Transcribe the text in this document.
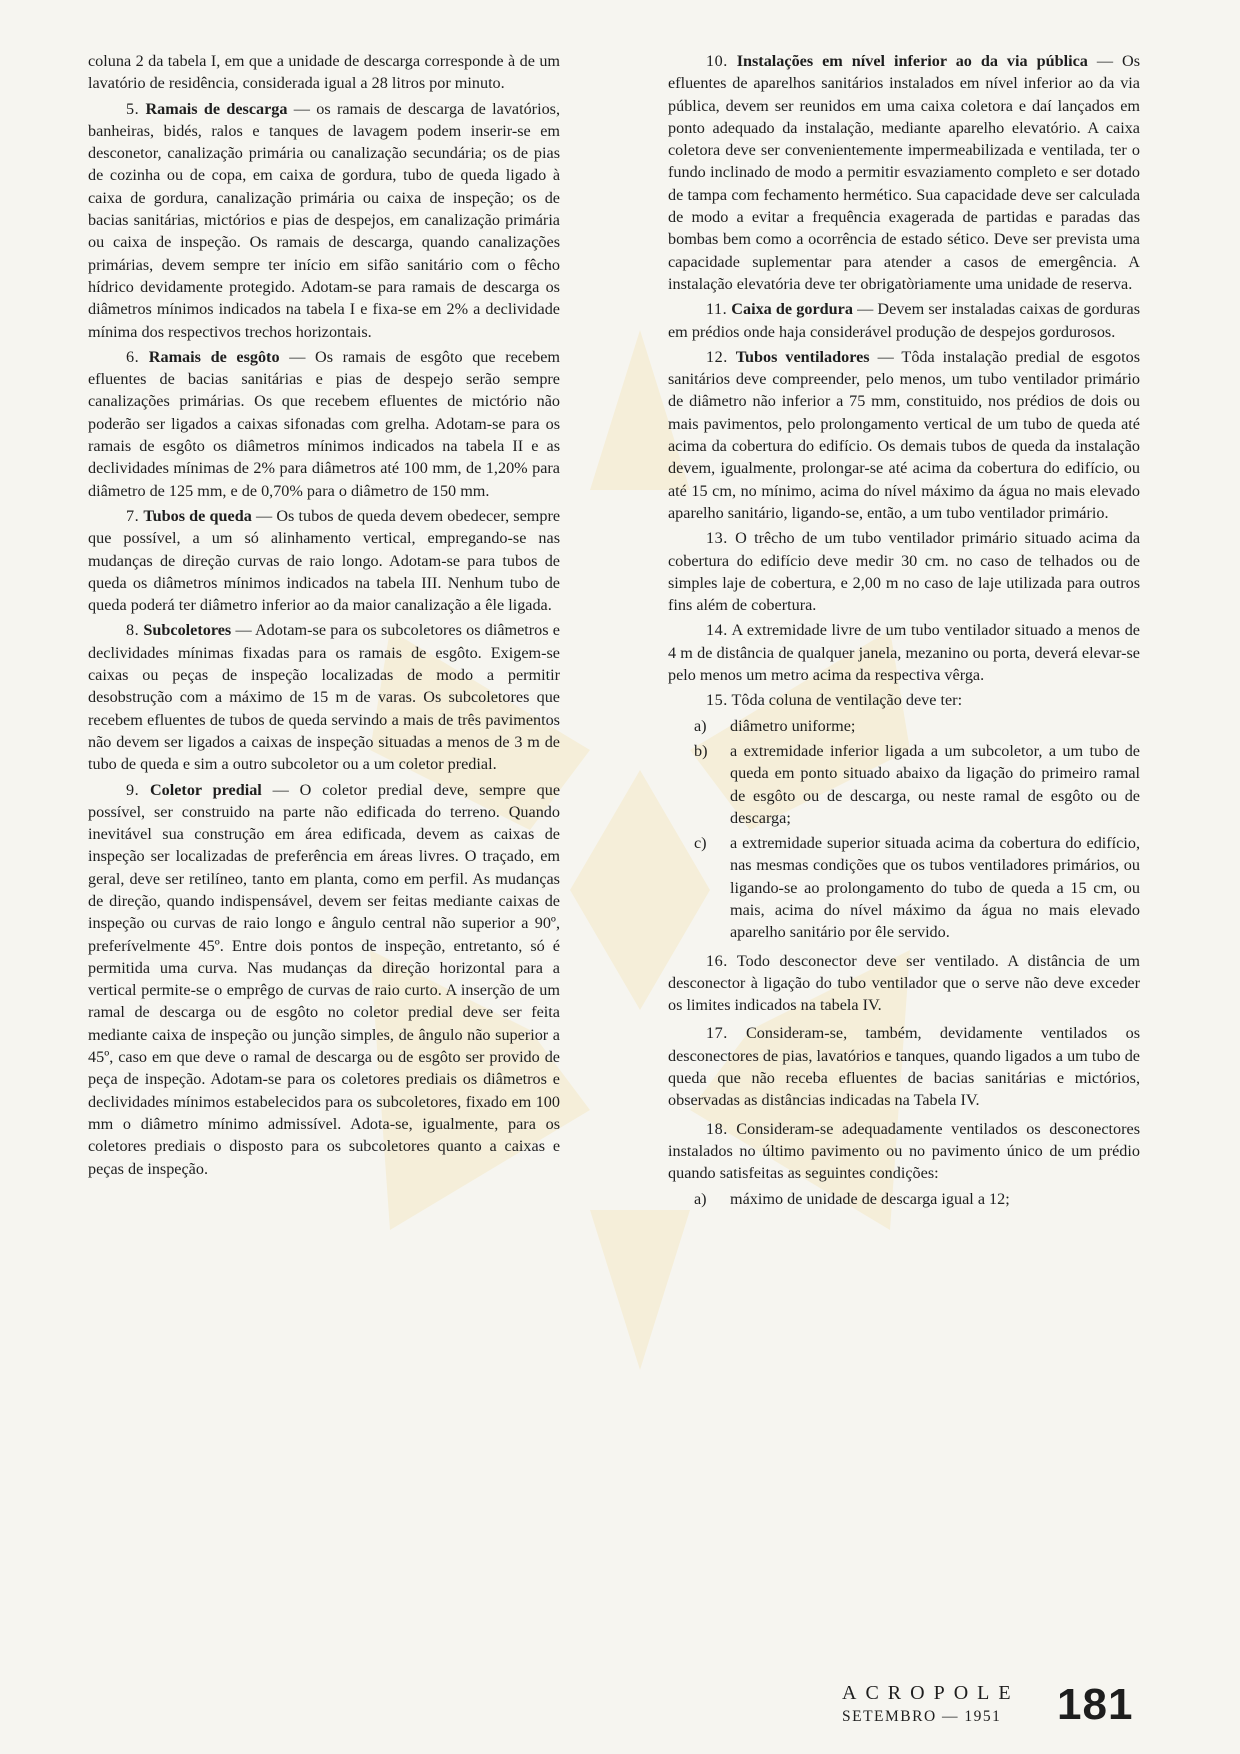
coluna 2 da tabela I, em que a unidade de descarga corresponde à de um lavatório de residência, considerada igual a 28 litros por minuto.

5. Ramais de descarga — os ramais de descarga de lavatórios, banheiras, bidés, ralos e tanques de lavagem podem inserir-se em desconetor, canalização primária ou canalização secundária; os de pias de cozinha ou de copa, em caixa de gordura, tubo de queda ligado à caixa de gordura, canalização primária ou caixa de inspeção; os de bacias sanitárias, mictórios e pias de despejos, em canalização primária ou caixa de inspeção. Os ramais de descarga, quando canalizações primárias, devem sempre ter início em sifão sanitário com o fêcho hídrico devidamente protegido. Adotam-se para ramais de descarga os diâmetros mínimos indicados na tabela I e fixa-se em 2% a declividade mínima dos respectivos trechos horizontais.

6. Ramais de esgôto — Os ramais de esgôto que recebem efluentes de bacias sanitárias e pias de despejo serão sempre canalizações primárias. Os que recebem efluentes de mictório não poderão ser ligados a caixas sifonadas com grelha. Adotam-se para os ramais de esgôto os diâmetros mínimos indicados na tabela II e as declividades mínimas de 2% para diâmetros até 100 mm, de 1,20% para diâmetro de 125 mm, e de 0,70% para o diâmetro de 150 mm.

7. Tubos de queda — Os tubos de queda devem obedecer, sempre que possível, a um só alinhamento vertical, empregando-se nas mudanças de direção curvas de raio longo. Adotam-se para tubos de queda os diâmetros mínimos indicados na tabela III. Nenhum tubo de queda poderá ter diâmetro inferior ao da maior canalização a êle ligada.

8. Subcoletores — Adotam-se para os subcoletores os diâmetros e declividades mínimas fixadas para os ramais de esgôto. Exigem-se caixas ou peças de inspeção localizadas de modo a permitir desobstrução com a máximo de 15 m de varas. Os subcoletores que recebem efluentes de tubos de queda servindo a mais de três pavimentos não devem ser ligados a caixas de inspeção situadas a menos de 3 m de tubo de queda e sim a outro subcoletor ou a um coletor predial.

9. Coletor predial — O coletor predial deve, sempre que possível, ser construido na parte não edificada do terreno. Quando inevitável sua construção em área edificada, devem as caixas de inspeção ser localizadas de preferência em áreas livres. O traçado, em geral, deve ser retilíneo, tanto em planta, como em perfil. As mudanças de direção, quando indispensável, devem ser feitas mediante caixas de inspeção ou curvas de raio longo e ângulo central não superior a 90º, preferívelmente 45º. Entre dois pontos de inspeção, entretanto, só é permitida uma curva. Nas mudanças da direção horizontal para a vertical permite-se o emprêgo de curvas de raio curto. A inserção de um ramal de descarga ou de esgôto no coletor predial deve ser feita mediante caixa de inspeção ou junção simples, de ângulo não superior a 45º, caso em que deve o ramal de descarga ou de esgôto ser provido de peça de inspeção. Adotam-se para os coletores prediais os diâmetros e declividades mínimos estabelecidos para os subcoletores, fixado em 100 mm o diâmetro mínimo admissível. Adota-se, igualmente, para os coletores prediais o disposto para os subcoletores quanto a caixas e peças de inspeção.

10. Instalações em nível inferior ao da via pública — Os efluentes de aparelhos sanitários instalados em nível inferior ao da via pública, devem ser reunidos em uma caixa coletora e daí lançados em ponto adequado da instalação, mediante aparelho elevatório. A caixa coletora deve ser convenientemente impermeabilizada e ventilada, ter o fundo inclinado de modo a permitir esvaziamento completo e ser dotado de tampa com fechamento hermético. Sua capacidade deve ser calculada de modo a evitar a frequência exagerada de partidas e paradas das bombas bem como a ocorrência de estado sético. Deve ser prevista uma capacidade suplementar para atender a casos de emergência. A instalação elevatória deve ter obrigatòriamente uma unidade de reserva.

11. Caixa de gordura — Devem ser instaladas caixas de gorduras em prédios onde haja considerável produção de despejos gordurosos.

12. Tubos ventiladores — Tôda instalação predial de esgotos sanitários deve compreender, pelo menos, um tubo ventilador primário de diâmetro não inferior a 75 mm, constituido, nos prédios de dois ou mais pavimentos, pelo prolongamento vertical de um tubo de queda até acima da cobertura do edifício. Os demais tubos de queda da instalação devem, igualmente, prolongar-se até acima da cobertura do edifício, ou até 15 cm, no mínimo, acima do nível máximo da água no mais elevado aparelho sanitário, ligando-se, então, a um tubo ventilador primário.

13. O trêcho de um tubo ventilador primário situado acima da cobertura do edifício deve medir 30 cm. no caso de telhados ou de simples laje de cobertura, e 2,00 m no caso de laje utilizada para outros fins além de cobertura.

14. A extremidade livre de um tubo ventilador situado a menos de 4 m de distância de qualquer janela, mezanino ou porta, deverá elevar-se pelo menos um metro acima da respectiva vêrga.

15. Tôda coluna de ventilação deve ter:

a)	diâmetro uniforme;
b)	a extremidade inferior ligada a um subcoletor, a um tubo de queda em ponto situado abaixo da ligação do primeiro ramal de esgôto ou de descarga, ou neste ramal de esgôto ou de descarga;
c)	a extremidade superior situada acima da cobertura do edifício, nas mesmas condições que os tubos ventiladores primários, ou ligando-se ao prolongamento do tubo de queda a 15 cm, ou mais, acima do nível máximo da água no mais elevado aparelho sanitário por êle servido.

16. Todo desconector deve ser ventilado. A distância de um desconector à ligação do tubo ventilador que o serve não deve exceder os limites indicados na tabela IV.

17. Consideram-se, também, devidamente ventilados os desconectores de pias, lavatórios e tanques, quando ligados a um tubo de queda que não receba efluentes de bacias sanitárias e mictórios, observadas as distâncias indicadas na Tabela IV.

18. Consideram-se adequadamente ventilados os desconectores instalados no último pavimento ou no pavimento único de um prédio quando satisfeitas as seguintes condições:

a)	máximo de unidade de descarga igual a 12;
ACROPOLE
SETEMBRO — 1951 181
